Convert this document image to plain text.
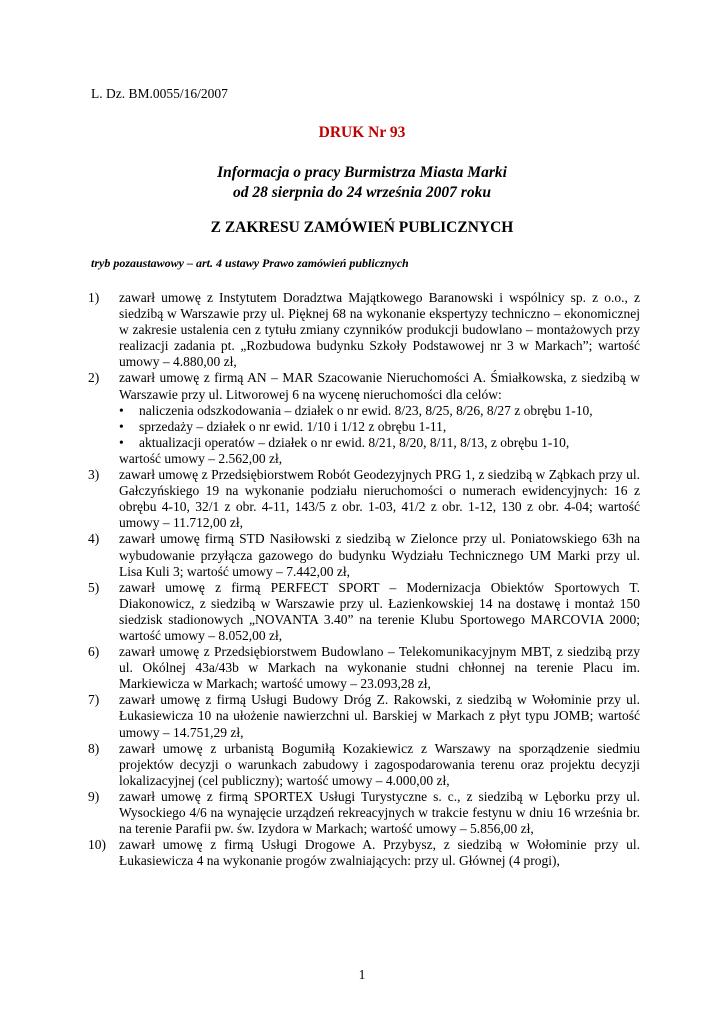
L. Dz. BM.0055/16/2007
DRUK Nr 93
Informacja o pracy Burmistrza Miasta Marki
od 28 sierpnia do 24 września 2007 roku
Z ZAKRESU ZAMÓWIEŃ PUBLICZNYCH
tryb pozaustawowy – art. 4 ustawy Prawo zamówień publicznych
1)	zawarł umowę z Instytutem Doradztwa Majątkowego Baranowski i wspólnicy sp. z o.o., z siedzibą w Warszawie przy ul. Pięknej 68 na wykonanie ekspertyzy techniczno – ekonomicznej w zakresie ustalenia cen z tytułu zmiany czynników produkcji budowlano – montażowych przy realizacji zadania pt. „Rozbudowa budynku Szkoły Podstawowej nr 3 w Markach”; wartość umowy – 4.880,00 zł,
2)	zawarł umowę z firmą AN – MAR Szacowanie Nieruchomości A. Śmiałkowska, z siedzibą w Warszawie przy ul. Litworowej 6 na wycenę nieruchomości dla celów:
•	naliczenia odszkodowania – działek o nr ewid. 8/23, 8/25, 8/26, 8/27 z obrębu 1-10,
•	sprzedaży – działek o nr ewid. 1/10 i 1/12 z obrębu 1-11,
•	aktualizacji operatów – działek o nr ewid. 8/21, 8/20, 8/11, 8/13, z obrębu 1-10,
wartość umowy – 2.562,00 zł,
3)	zawarł umowę z Przedsiębiorstwem Robót Geodezyjnych PRG 1, z siedzibą w Ząbkach przy ul. Gałczyńskiego 19 na wykonanie podziału nieruchomości o numerach ewidencyjnych: 16 z obrębu 4-10, 32/1 z obr. 4-11, 143/5 z obr. 1-03, 41/2 z obr. 1-12, 130 z obr. 4-04; wartość umowy – 11.712,00 zł,
4)	zawarł umowę firmą STD Nasiłowski z siedzibą w Zielonce przy ul. Poniatowskiego 63h na wybudowanie przyłącza gazowego do budynku Wydziału Technicznego UM Marki przy ul. Lisa Kuli 3; wartość umowy – 7.442,00 zł,
5)	zawarł umowę z firmą PERFECT SPORT – Modernizacja Obiektów Sportowych T. Diakonowicz, z siedzibą w Warszawie przy ul. Łazienkowskiej 14 na dostawę i montaż 150 siedzisk stadionowych „NOVANTA 3.40” na terenie Klubu Sportowego MARCOVIA 2000; wartość umowy – 8.052,00 zł,
6)	zawarł umowę z Przedsiębiorstwem Budowlano – Telekomunikacyjnym MBT, z siedzibą przy ul. Okólnej 43a/43b w Markach na wykonanie studni chłonnej na terenie Placu im. Markiewicza w Markach; wartość umowy – 23.093,28 zł,
7)	zawarł umowę z firmą Usługi Budowy Dróg Z. Rakowski, z siedzibą w Wołominie przy ul. Łukasiewicza 10 na ułożenie nawierzchni ul. Barskiej w Markach z płyt typu JOMB; wartość umowy – 14.751,29 zł,
8)	zawarł umowę z urbanistą Bogumiłą Kozakiewicz z Warszawy na sporządzenie siedmiu projektów decyzji o warunkach zabudowy i zagospodarowania terenu oraz projektu decyzji lokalizacyjnej (cel publiczny); wartość umowy – 4.000,00 zł,
9)	zawarł umowę z firmą SPORTEX Usługi Turystyczne s. c., z siedzibą w Lęborku przy ul. Wysockiego 4/6 na wynajęcie urządzeń rekreacyjnych w trakcie festynu w dniu 16 września br. na terenie Parafii pw. św. Izydora w Markach; wartość umowy – 5.856,00 zł,
10) zawarł umowę z firmą Usługi Drogowe A. Przybysz, z siedzibą w Wołominie przy ul. Łukasiewicza 4 na wykonanie progów zwalniających: przy ul. Głównej (4 progi),
1
